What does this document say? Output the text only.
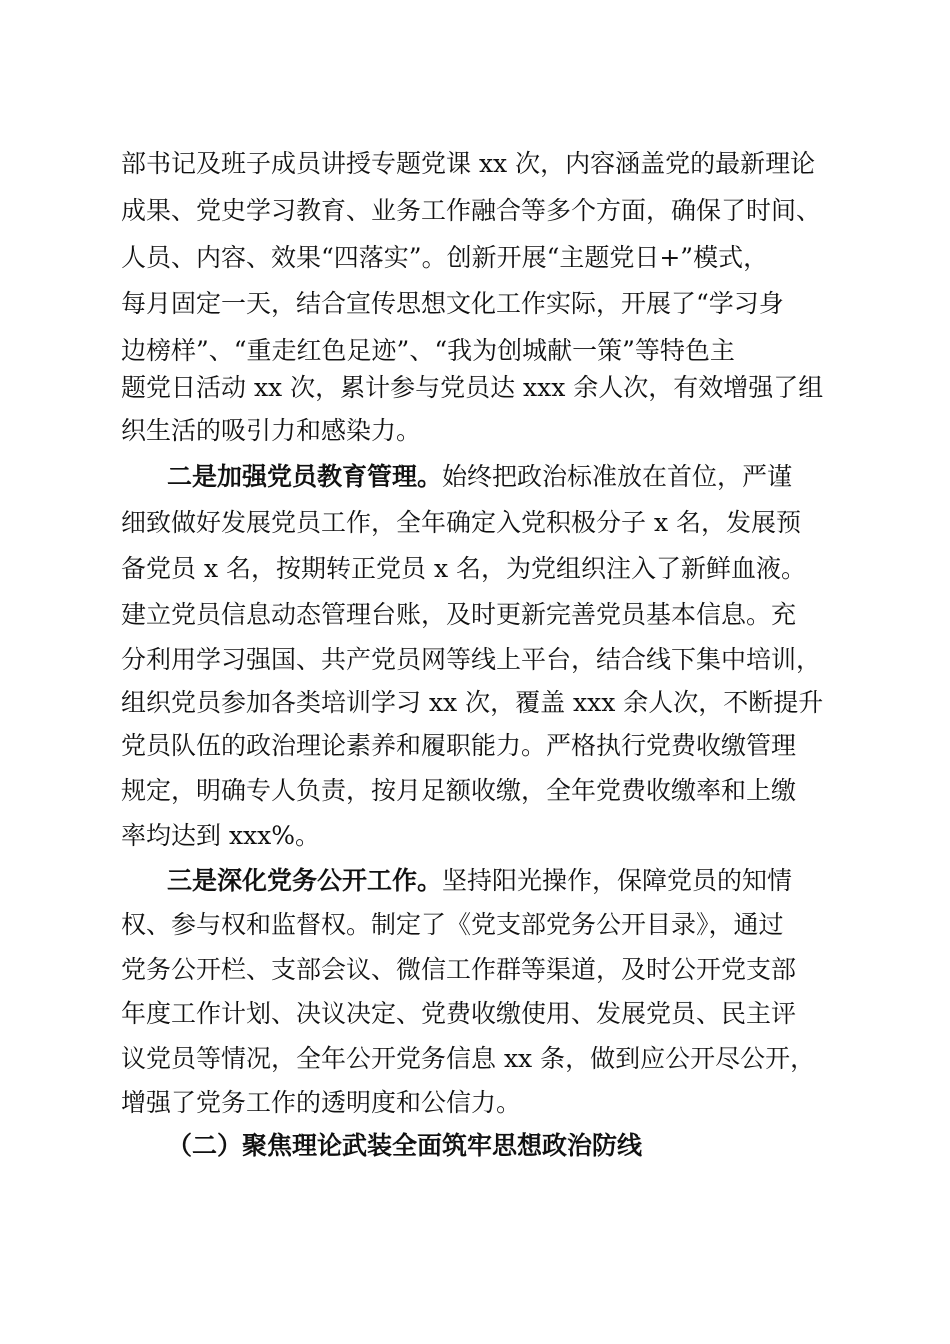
部书记及班子成员讲授专题党课 xx 次，内容涵盖党的最新理论
成果、党史学习教育、业务工作融合等多个方面，确保了时间、
人员、内容、效果“四落实”。创新开展“主题党日+”模式，
每月固定一天，结合宣传思想文化工作实际，开展了“学习身
边榜样”、“重走红色足迹”、“我为创城献一策”等特色主
题党日活动 xx 次，累计参与党员达 xxx 余人次，有效增强了组
织生活的吸引力和感染力。
二是加强党员教育管理。始终把政治标准放在首位，严谨
细致做好发展党员工作，全年确定入党积极分子 x 名，发展预
备党员 x 名，按期转正党员 x 名，为党组织注入了新鲜血液。
建立党员信息动态管理台账，及时更新完善党员基本信息。充
分利用学习强国、共产党员网等线上平台，结合线下集中培训，
组织党员参加各类培训学习 xx 次，覆盖 xxx 余人次，不断提升
党员队伍的政治理论素养和履职能力。严格执行党费收缴管理
规定，明确专人负责，按月足额收缴，全年党费收缴率和上缴
率均达到 xxx%。
三是深化党务公开工作。坚持阳光操作，保障党员的知情
权、参与权和监督权。制定了《党支部党务公开目录》，通过
党务公开栏、支部会议、微信工作群等渠道，及时公开党支部
年度工作计划、决议决定、党费收缴使用、发展党员、民主评
议党员等情况，全年公开党务信息 xx 条，做到应公开尽公开，
增强了党务工作的透明度和公信力。
（二）聚焦理论武装全面筑牢思想政治防线
